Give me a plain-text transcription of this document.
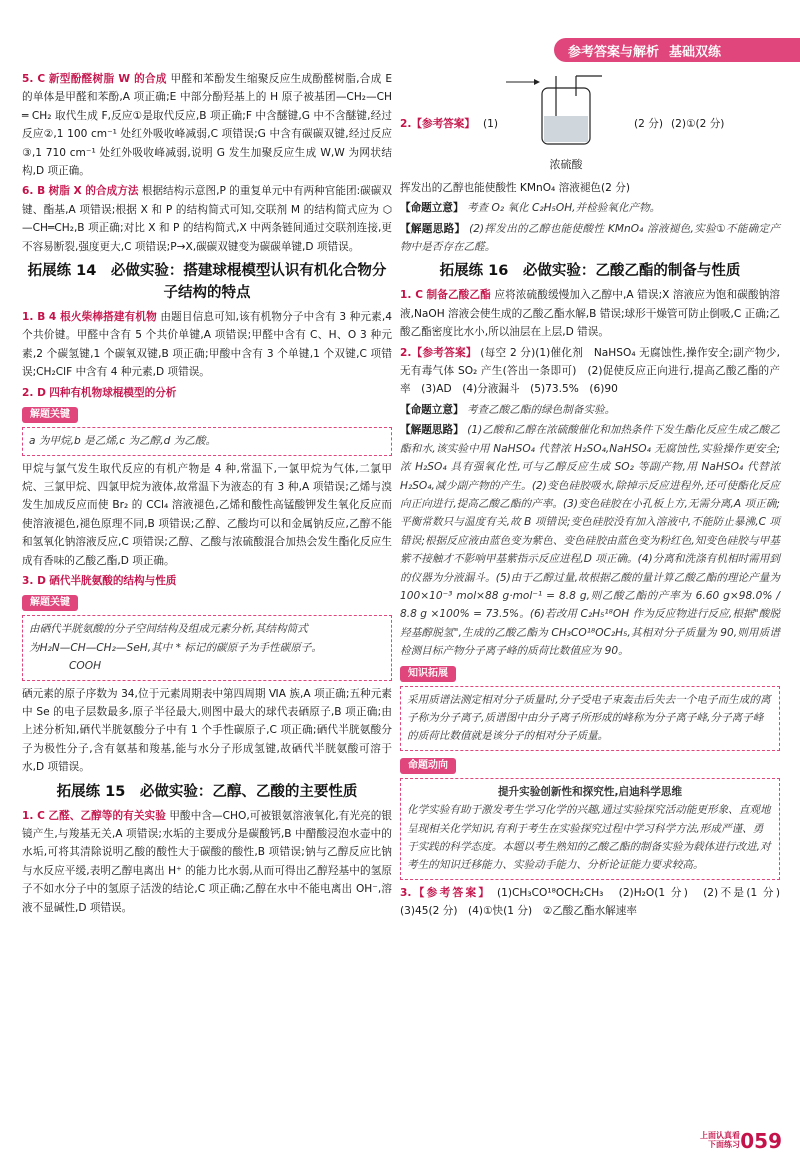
参考答案与解析 基础双练

5. C 新型酚醛树脂 W 的合成 甲醛和苯酚发生缩聚反应生成酚醛树脂,合成 E 的单体是甲醛和苯酚,A 项正确;E 中部分酚羟基上的 H 原子被基团—CH₂—CH ═ CH₂ 取代生成 F,反应①是取代反应,B 项正确;F 中含醚键,G 中不含醚键,经过反应②,1 100 cm⁻¹ 处红外吸收峰减弱,C 项错误;G 中含有碳碳双键,经过反应③,1 710 cm⁻¹ 处红外吸收峰减弱,说明 G 发生加聚反应生成 W,W 为网状结构,D 项正确。

6. B 树脂 X 的合成方法 根据结构示意图,P 的重复单元中有两种官能团:碳碳双键、酯基,A 项错误;根据 X 和 P 的结构简式可知,交联剂 M 的结构简式应为 ⬡—CH═CH₂,B 项正确;对比 X 和 P 的结构简式,X 中两条链间通过交联剂连接,更不容易断裂,强度更大,C 项错误;P→X,碳碳双键变为碳碳单键,D 项错误。

拓展练 14　必做实验：搭建球棍模型认识有机化合物分子结构的特点

1. B 4 根火柴棒搭建有机物 由题目信息可知,该有机物分子中含有 3 种元素,4 个共价键。甲醛中含有 5 个共价单键,A 项错误;甲醛中含有 C、H、O 3 种元素,2 个碳氢键,1 个碳氧双键,B 项正确;甲酸中含有 3 个单键,1 个双键,C 项错误;CH₂ClF 中含有 4 种元素,D 项错误。

2. D 四种有机物球棍模型的分析

解题关键
a 为甲烷,b 是乙烯,c 为乙醇,d 为乙酸。

甲烷与氯气发生取代反应的有机产物是 4 种,常温下,一氯甲烷为气体,二氯甲烷、三氯甲烷、四氯甲烷为液体,故常温下为液态的有 3 种,A 项错误;乙烯与溴发生加成反应而使 Br₂ 的 CCl₄ 溶液褪色,乙烯和酸性高锰酸钾发生氧化反应而使溶液褪色,褪色原理不同,B 项错误;乙醇、乙酸均可以和金属钠反应,乙醇不能和氢氧化钠溶液反应,C 项错误;乙醇、乙酸与浓硫酸混合加热会发生酯化反应生成有香味的乙酸乙酯,D 项正确。

3. D 硒代半胱氨酸的结构与性质

解题关键
由硒代半胱氨酸的分子空间结构及组成元素分析,其结构简式
为H₂N—CH—CH₂—SeH,其中 * 标记的碳原子为手性碳原子。
COOH

硒元素的原子序数为 34,位于元素周期表中第四周期 ⅥA 族,A 项正确;五种元素中 Se 的电子层数最多,原子半径最大,则图中最大的球代表硒原子,B 项正确;由上述分析知,硒代半胱氨酸分子中有 1 个手性碳原子,C 项正确;硒代半胱氨酸分子为极性分子,含有氨基和羧基,能与水分子形成氢键,故硒代半胱氨酸可溶于水,D 项错误。

拓展练 15　必做实验：乙醇、乙酸的主要性质

1. C 乙醛、乙醇等的有关实验 甲酸中含—CHO,可被银氨溶液氧化,有光亮的银镜产生,与羧基无关,A 项错误;水垢的主要成分是碳酸钙,B 中醋酸浸泡水壶中的水垢,可将其清除说明乙酸的酸性大于碳酸的酸性,B 项错误;钠与乙醇反应比钠与水反应平缓,表明乙醇电离出 H⁺ 的能力比水弱,从而可得出乙醇羟基中的氢原子不如水分子中的氢原子活泼的结论,C 项正确;乙醇在水中不能电离出 OH⁻,溶液不显碱性,D 项错误。

2.【参考答案】 (1)
浓硫酸
(2 分) (2)①(2 分)

挥发出的乙醇也能使酸性 KMnO₄ 溶液褪色(2 分)

【命题立意】 考查 O₂ 氧化 C₂H₅OH,并检验氧化产物。

【解题思路】 (2)挥发出的乙醇也能使酸性 KMnO₄ 溶液褪色,实验①不能确定产物中是否存在乙醛。

拓展练 16　必做实验：乙酸乙酯的制备与性质

1. C 制备乙酸乙酯 应将浓硫酸缓慢加入乙醇中,A 错误;X 溶液应为饱和碳酸钠溶液,NaOH 溶液会使生成的乙酸乙酯水解,B 错误;球形干燥管可防止倒吸,C 正确;乙酸乙酯密度比水小,所以油层在上层,D 错误。

2.【参考答案】 (每空 2 分)(1)催化剂　NaHSO₄ 无腐蚀性,操作安全;副产物少,无有毒气体 SO₂ 产生(答出一条即可)　(2)促使反应正向进行,提高乙酸乙酯的产率　(3)AD　(4)分液漏斗　(5)73.5%　(6)90

【命题立意】 考查乙酸乙酯的绿色制备实验。

【解题思路】 (1)乙酸和乙醇在浓硫酸催化和加热条件下发生酯化反应生成乙酸乙酯和水,该实验中用 NaHSO₄ 代替浓 H₂SO₄,NaHSO₄ 无腐蚀性,实验操作更安全;浓 H₂SO₄ 具有强氧化性,可与乙醇反应生成 SO₂ 等副产物,用 NaHSO₄ 代替浓 H₂SO₄,减少副产物的产生。(2)变色硅胶吸水,除掉示反应进程外,还可使酯化反应向正向进行,提高乙酸乙酯的产率。(3)变色硅胶在小孔板上方,无需分离,A 项正确;平衡常数只与温度有关,故 B 项错误;变色硅胶没有加入溶液中,不能防止暴沸,C 项错误;根据反应液由蓝色变为紫色、变色硅胶由蓝色变为粉红色,知变色硅胶与甲基紫不接触才不影响甲基紫指示反应进程,D 项正确。(4)分离和洗涤有机相时需用到的仪器为分液漏斗。(5)由于乙醇过量,故根据乙酸的量计算乙酸乙酯的理论产量为 100×10⁻³ mol×88 g·mol⁻¹ = 8.8 g,则乙酸乙酯的产率为 6.60 g×98.0% / 8.8 g ×100% = 73.5%。(6)若改用 C₂H₅¹⁸OH 作为反应物进行反应,根据"酸脱羟基醇脱氢",生成的乙酸乙酯为 CH₃CO¹⁸OC₂H₅,其相对分子质量为 90,则用质谱检测目标产物分子离子峰的质荷比数值应为 90。

知识拓展
采用质谱法测定相对分子质量时,分子受电子束轰击后失去一个电子而生成的离子称为分子离子,质谱图中由分子离子所形成的峰称为分子离子峰,分子离子峰的质荷比数值就是该分子的相对分子质量。
命题动向
提升实验创新性和探究性,启迪科学思维
化学实验有助于激发考生学习化学的兴趣,通过实验探究活动能更形象、直观地呈现相关化学知识,有利于考生在实验探究过程中学习科学方法,形成严谨、勇于实践的科学态度。本题以考生熟知的乙酸乙酯的制备实验为载体进行改进,对考生的知识迁移能力、实验动手能力、分析论证能力要求较高。

3.【参考答案】 (1)CH₃CO¹⁸OCH₂CH₃　(2)H₂O(1 分)　(2)不是(1 分)　(3)45(2 分)　(4)①快(1 分)　②乙酸乙酯水解速率

上面认真看
下面练习 059
